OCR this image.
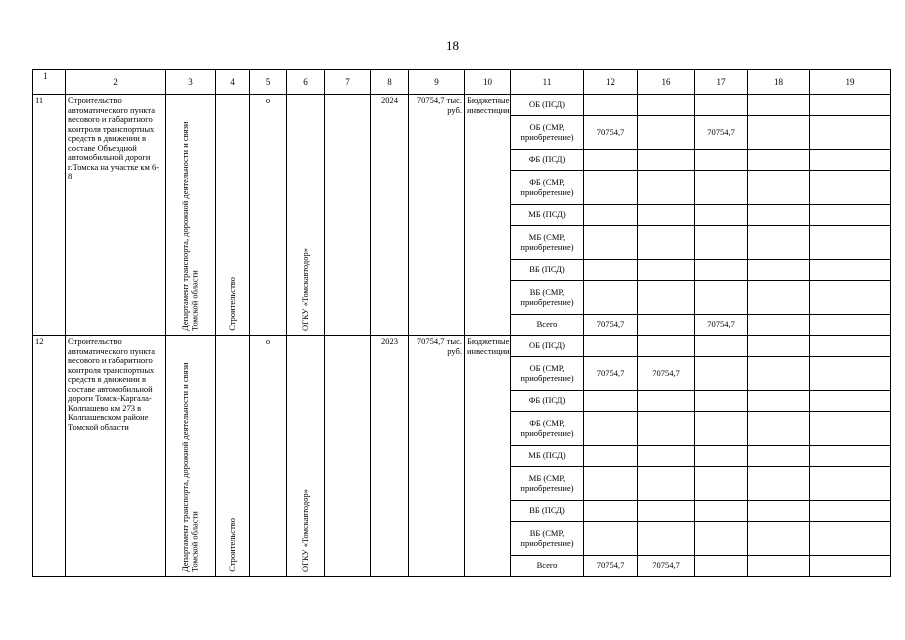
18
1	2	3	4	5	6	7	8	9	10	11	12	16	17	18	19
11	Строительство автоматического пункта весового и габаритного контроля транспортных средств в движении в составе Объездной автомобильной дороги г.Томска на участке км 6-8	Департамент транспорта, дорожной деятельности и связи Томской области	Строительство	о	ОГКУ «Томскавтодор»		2024	70754,7 тыс. руб.	Бюджетные инвестиции	ОБ (ПСД)					
										ОБ (СМР, приобретение)	70754,7		70754,7		
										ФБ (ПСД)					
										ФБ (СМР, приобретение)					
										МБ (ПСД)					
										МБ (СМР, приобретение)					
										ВБ (ПСД)					
										ВБ (СМР, приобретение)					
										Всего	70754,7		70754,7		
12	Строительство автоматического пункта весового и габаритного контроля транспортных средств в движении в составе автомобильной дороги Томск-Каргала-Колпашево км 273 в Колпашевском районе Томской области	Департамент транспорта, дорожной деятельности и связи Томской области	Строительство	о	ОГКУ «Томскавтодор»		2023	70754,7 тыс. руб.	Бюджетные инвестиции	ОБ (ПСД)					
										ОБ (СМР, приобретение)	70754,7	70754,7			
										ФБ (ПСД)					
										ФБ (СМР, приобретение)					
										МБ (ПСД)					
										МБ (СМР, приобретение)					
										ВБ (ПСД)					
										ВБ (СМР, приобретение)					
										Всего	70754,7	70754,7			
